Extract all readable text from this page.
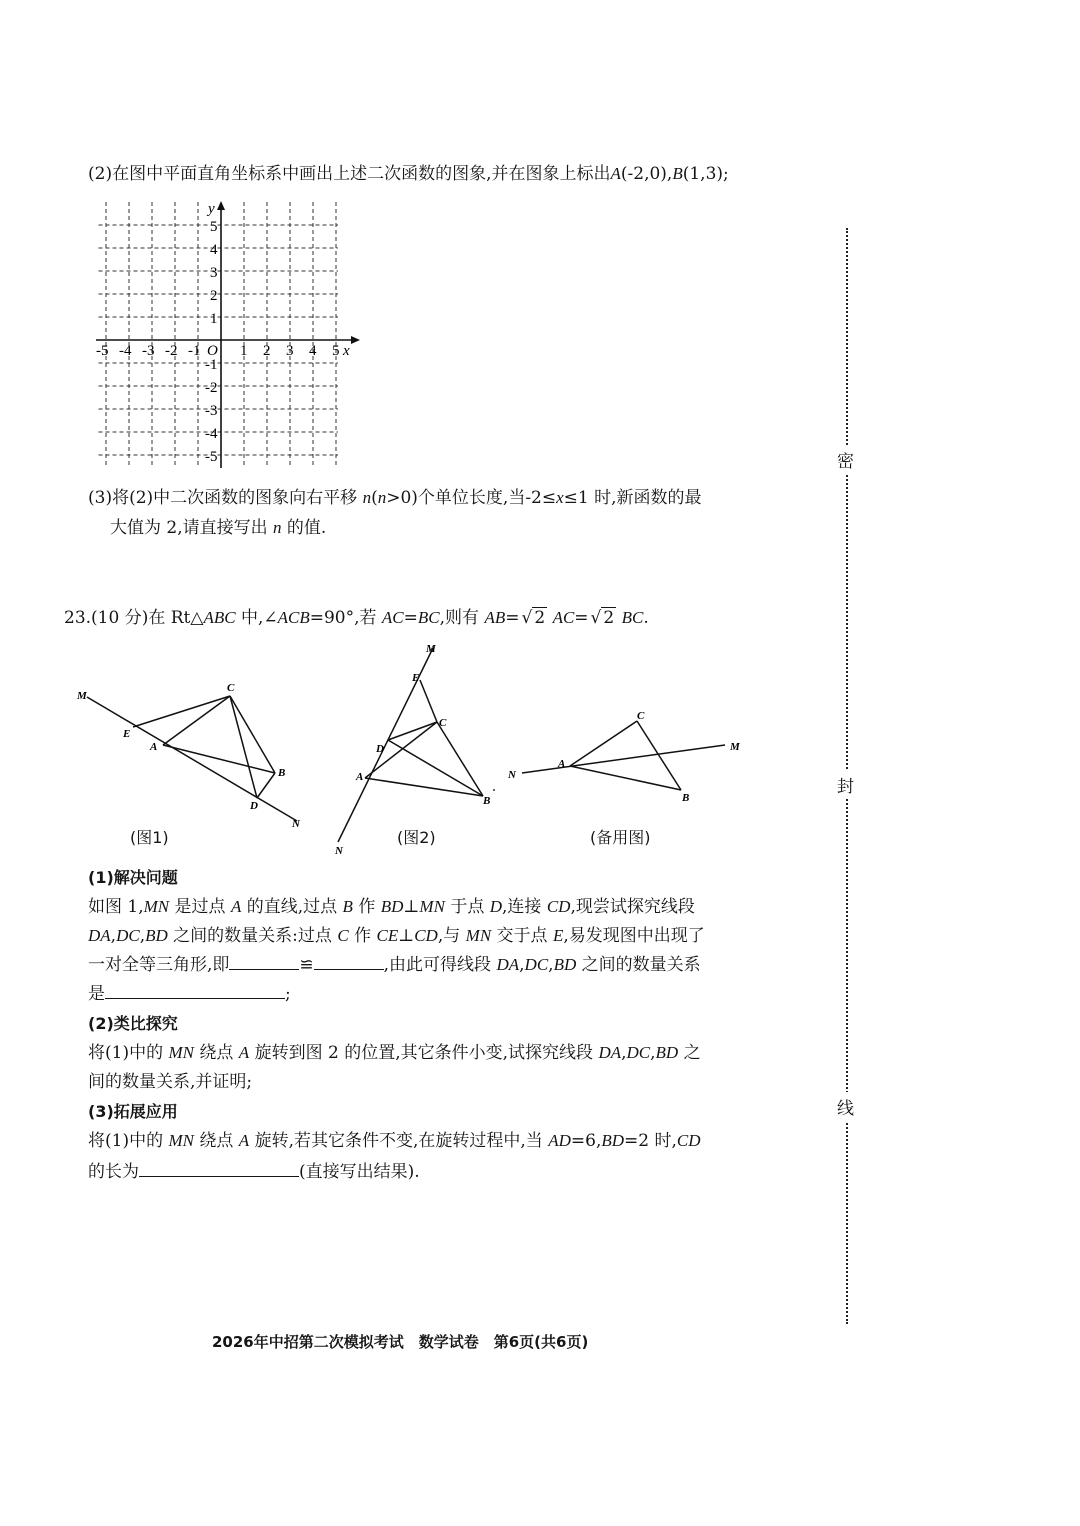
(2)在图中平面直角坐标系中画出上述二次函数的图象,并在图象上标出A(-2,0),B(1,3);
x
y
O
-5 -4 -3 -2 -1	1 2 3 4 5
5
4
3
2
1
-1
-2
-3
-4
-5
(3)将(2)中二次函数的图象向右平移 n(n>0)个单位长度,当-2≤x≤1 时,新函数的最
大值为 2,请直接写出 n 的值.
23.(10 分)在 Rt△ABC 中,∠ACB=90°,若 AC=BC,则有 AB= √ 2 AC= √ 2 BC.
M
E
A
C
B
D
N
(图1)
M
E
A
C
B
D
N
(图2)
M
A
C
B
N
(备用图)
(1)解决问题
如图 1,MN 是过点 A 的直线,过点 B 作 BD⊥MN 于点 D,连接 CD,现尝试探究线段
DA,DC,BD 之间的数量关系:过点 C 作 CE⊥CD,与 MN 交于点 E,易发现图中出现了
一对全等三角形,即	≌	,由此可得线段 DA,DC,BD 之间的数量关系
是	;
(2)类比探究
将(1)中的 MN 绕点 A 旋转到图 2 的位置,其它条件小变,试探究线段 DA,DC,BD 之
间的数量关系,并证明;
(3)拓展应用
将(1)中的 MN 绕点 A 旋转,若其它条件不变,在旋转过程中,当 AD=6,BD=2 时,CD
的长为	(直接写出结果).
密
封
线
2026年中招第二次模拟考试　数学试卷　第6页(共6页)
